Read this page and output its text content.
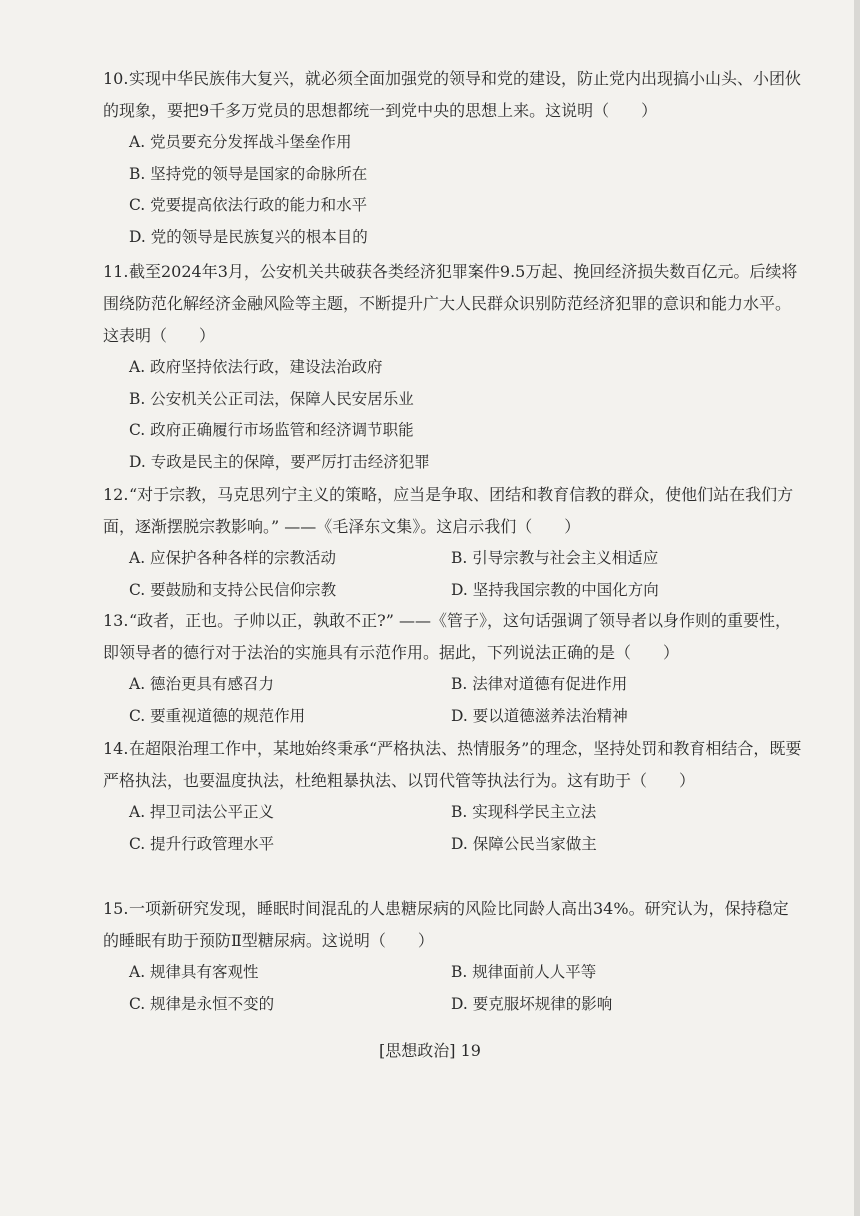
10.实现中华民族伟大复兴，就必须全面加强党的领导和党的建设，防止党内出现搞小山头、小团伙的现象，要把9千多万党员的思想都统一到党中央的思想上来。这说明（　　）

A. 党员要充分发挥战斗堡垒作用
B. 坚持党的领导是国家的命脉所在
C. 党要提高依法行政的能力和水平
D. 党的领导是民族复兴的根本目的

11.截至2024年3月，公安机关共破获各类经济犯罪案件9.5万起、挽回经济损失数百亿元。后续将围绕防范化解经济金融风险等主题，不断提升广大人民群众识别防范经济犯罪的意识和能力水平。这表明（　　）

A. 政府坚持依法行政，建设法治政府
B. 公安机关公正司法，保障人民安居乐业
C. 政府正确履行市场监管和经济调节职能
D. 专政是民主的保障，要严厉打击经济犯罪

12.“对于宗教，马克思列宁主义的策略，应当是争取、团结和教育信教的群众，使他们站在我们方面，逐渐摆脱宗教影响。” ——《毛泽东文集》。这启示我们（　　）

A. 应保护各种各样的宗教活动	B. 引导宗教与社会主义相适应
C. 要鼓励和支持公民信仰宗教	D. 坚持我国宗教的中国化方向

13.“政者，正也。子帅以正，孰敢不正?” ——《管子》，这句话强调了领导者以身作则的重要性，即领导者的德行对于法治的实施具有示范作用。据此，下列说法正确的是（　　）

A. 德治更具有感召力	B. 法律对道德有促进作用
C. 要重视道德的规范作用	D. 要以道德滋养法治精神

14.在超限治理工作中，某地始终秉承“严格执法、热情服务”的理念，坚持处罚和教育相结合，既要严格执法，也要温度执法，杜绝粗暴执法、以罚代管等执法行为。这有助于（　　）

A. 捍卫司法公平正义	B. 实现科学民主立法
C. 提升行政管理水平	D. 保障公民当家做主

15.一项新研究发现，睡眠时间混乱的人患糖尿病的风险比同龄人高出34%。研究认为，保持稳定的睡眠有助于预防Ⅱ型糖尿病。这说明（　　）

A. 规律具有客观性	B. 规律面前人人平等
C. 规律是永恒不变的	D. 要克服坏规律的影响
[思想政治] 19
